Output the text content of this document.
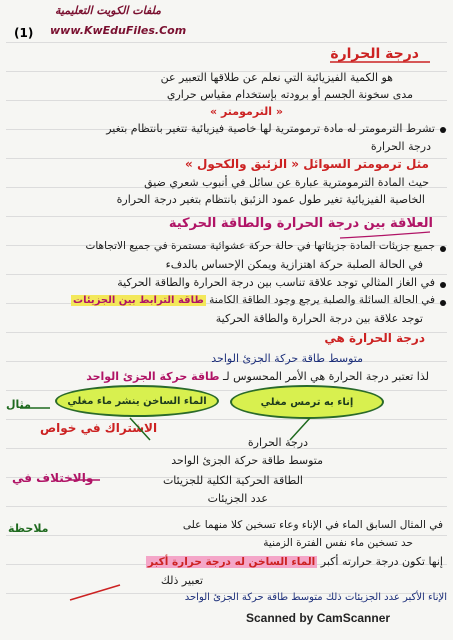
ملفات الكويت التعليمية
www.KwEduFiles.Com
(1)
درجة الحرارة
هو الكمية الفيزيائية التي نعلم عن طلاقها التعبير عن
مدى سخونة الجسم أو برودته بإستخدام مقياس حراري
« الترمومتر »
تشرط الترمومتر له مادة ترمومترية لها خاصية فيزيائية تتغير بانتظام بتغير
درجة الحرارة
مثل ترمومتر السوائل « الزئبق والكحول »
حيث المادة الترمومترية عبارة عن سائل في أنبوب شعري ضيق
الخاصية الفيزيائية تغير طول عمود الزئبق بانتظام بتغير درجة الحرارة
العلاقة بين درجة الحرارة والطاقة الحركية
جميع جزيئات المادة جزيئاتها في حالة حركة عشوائية مستمرة في جميع الاتجاهات
في الحالة الصلبة حركة اهتزازية ويمكن الإحساس بالدفء
في الغاز المثالي توجد علاقة تناسب بين درجة الحرارة والطاقة الحركية
في الحالة السائلة والصلبة يرجع وجود الطاقة الكامنة طاقة الترابط بين الجزيئات
توجد علاقة بين درجة الحرارة والطاقة الحركية
درجة الحرارة هي
متوسط طاقة حركة الجزئ الواحد
لذا تعتبر درجة الحرارة هي الأمر المحسوس لـ طاقة حركة الجزئ الواحد
مثال	الماء الساخن ينشر ماء مغلي	إناء به ترمس مغلي
الاشتراك في خواص
درجة الحرارة
متوسط طاقة حركة الجزئ الواحد
والاختلاف في	الطاقة الحركية الكلية للجزيئات
عدد الجزيئات
ملاحظة	في المثال السابق الماء في الإناء وعاء تسخين كلا منهما على
حد تسخين ماء نفس الفترة الزمنية
إنها تكون درجة حرارته أكبر الماء الساخن له درجة حرارة أكبر
تعبير ذلك
الإناء الأكبر عدد الجزيئات ذلك متوسط طاقة حركة الجزئ الواحد
Scanned by CamScanner
